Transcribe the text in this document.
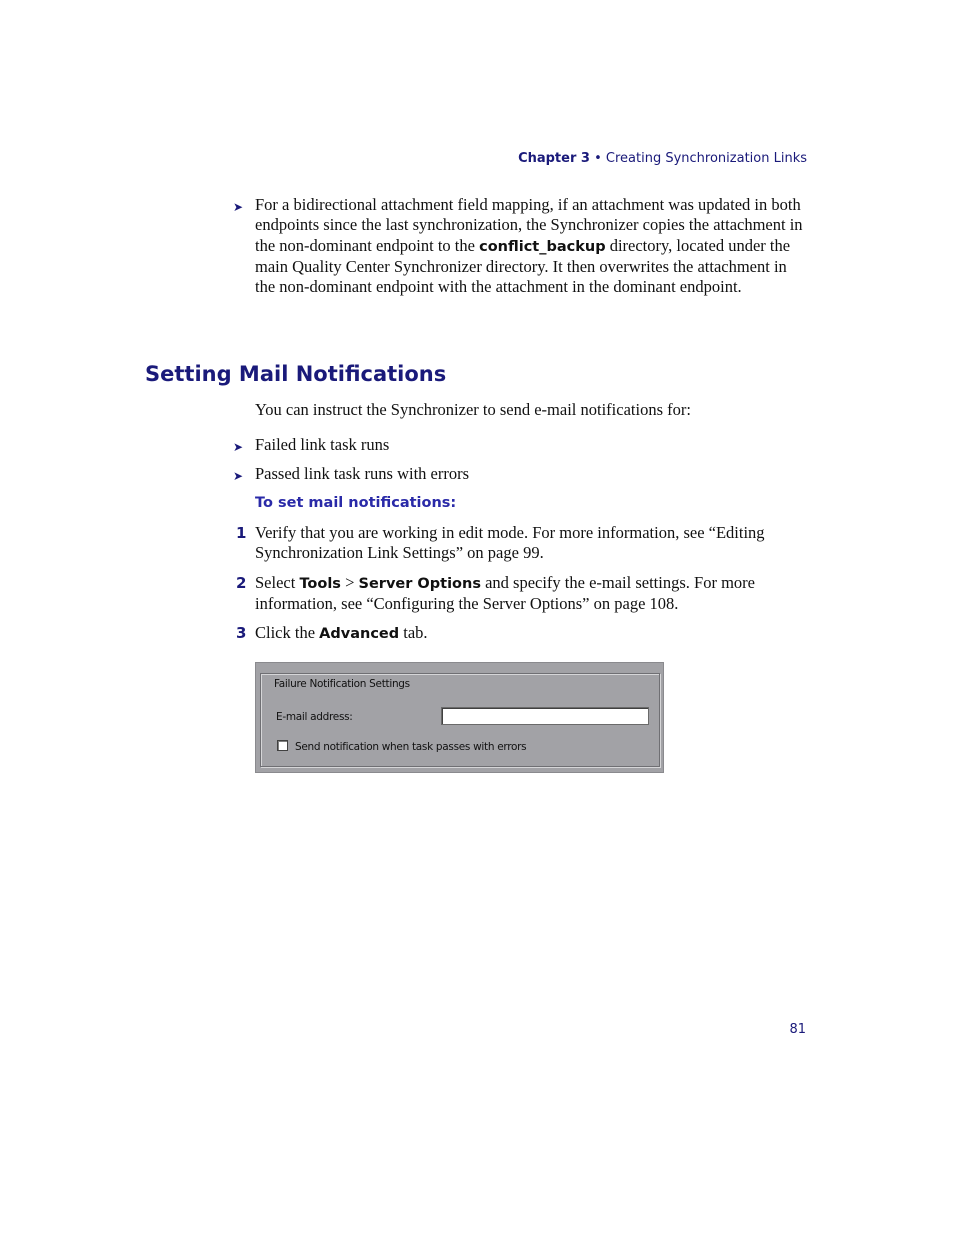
Chapter 3 • Creating Synchronization Links
➤ For a bidirectional attachment field mapping, if an attachment was updated in both endpoints since the last synchronization, the Synchronizer copies the attachment in the non-dominant endpoint to the conflict_backup directory, located under the main Quality Center Synchronizer directory. It then overwrites the attachment in the non-dominant endpoint with the attachment in the dominant endpoint.
Setting Mail Notifications
You can instruct the Synchronizer to send e-mail notifications for:
➤ Failed link task runs
➤ Passed link task runs with errors
To set mail notifications:
1 Verify that you are working in edit mode. For more information, see “Editing Synchronization Link Settings” on page 99.
2 Select Tools > Server Options and specify the e-mail settings. For more information, see “Configuring the Server Options” on page 108.
3 Click the Advanced tab.
Failure Notification Settings
E-mail address:
Send notification when task passes with errors
81
